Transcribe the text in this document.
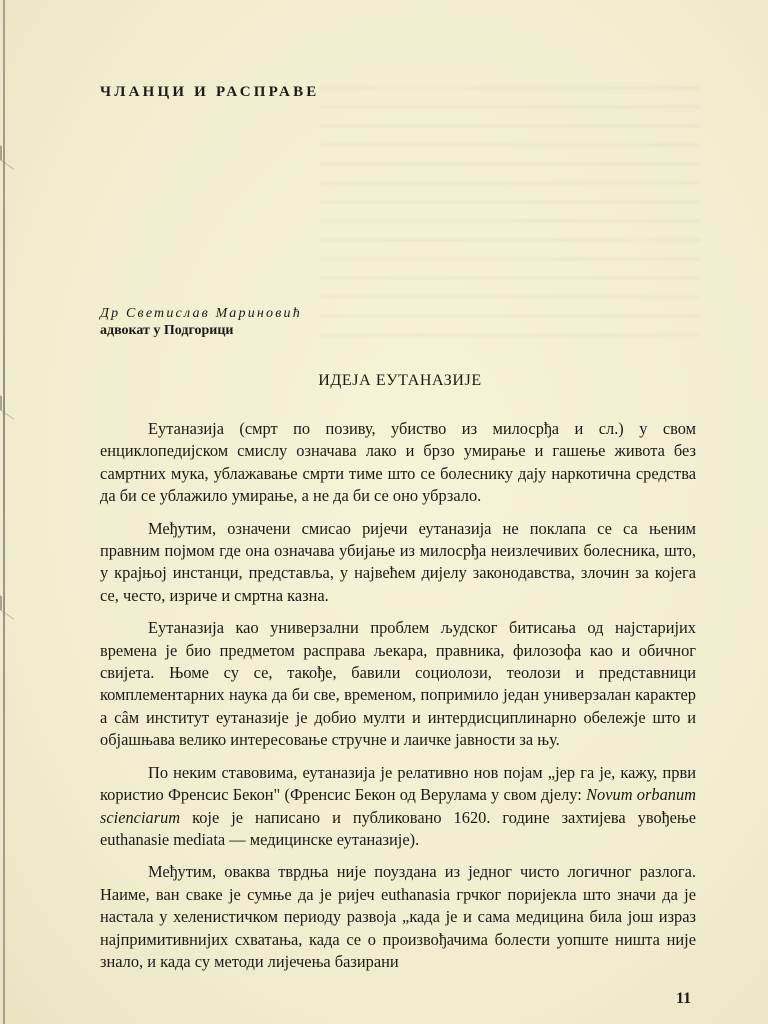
ЧЛАНЦИ И РАСПРАВЕ
Др Светислав Мариновић
адвокат у Подгорици
ИДЕЈА ЕУТАНАЗИЈЕ

Еутаназија (смрт по позиву, убиство из милосрђа и сл.) у свом енциклопедијском смислу означава лако и брзо умирање и гашење живота без самртних мука, ублажавање смрти тиме што се болеснику дају наркотична средства да би се ублажило умирање, а не да би се оно убрзало.

Међутим, означени смисао ријечи еутаназија не поклапа се са њеним правним појмом где она означава убијање из милосрђа неизлечивих болесника, што, у крајњој инстанци, представља, у највећем дијелу законодавства, злочин за којега се, често, изриче и смртна казна.

Еутаназија као универзални проблем људског битисања од најстаријих времена је био предметом расправа љекара, правника, филозофа као и обичног свијета. Њоме су се, такође, бавили социолози, теолози и представници комплементарних наука да би све, временом, попримило један универзалан карактер а сâм институт еутаназије је добио мулти и интердисциплинарно обележје што и објашњава велико интересовање стручне и лаичке јавности за њу.

По неким ставовима, еутаназија је релативно нов појам „јер га је, кажу, први користио Френсис Бекон" (Френсис Бекон од Верулама у свом дјелу: Novum orbanum scienciarum које је написано и публиковано 1620. године захтијева увођење euthanasie mediata — медицинске еутаназије).

Међутим, оваква тврдња није поуздана из једног чисто логичног разлога. Наиме, ван сваке је сумње да је ријеч euthanasia грчког поријекла што значи да је настала у хеленистичком периоду развоја „када је и сама медицина била још израз најпримитивнијих схватања, када се о произвођачима болести уопште ништа није знало, и када су методи лијечења базирани

11
